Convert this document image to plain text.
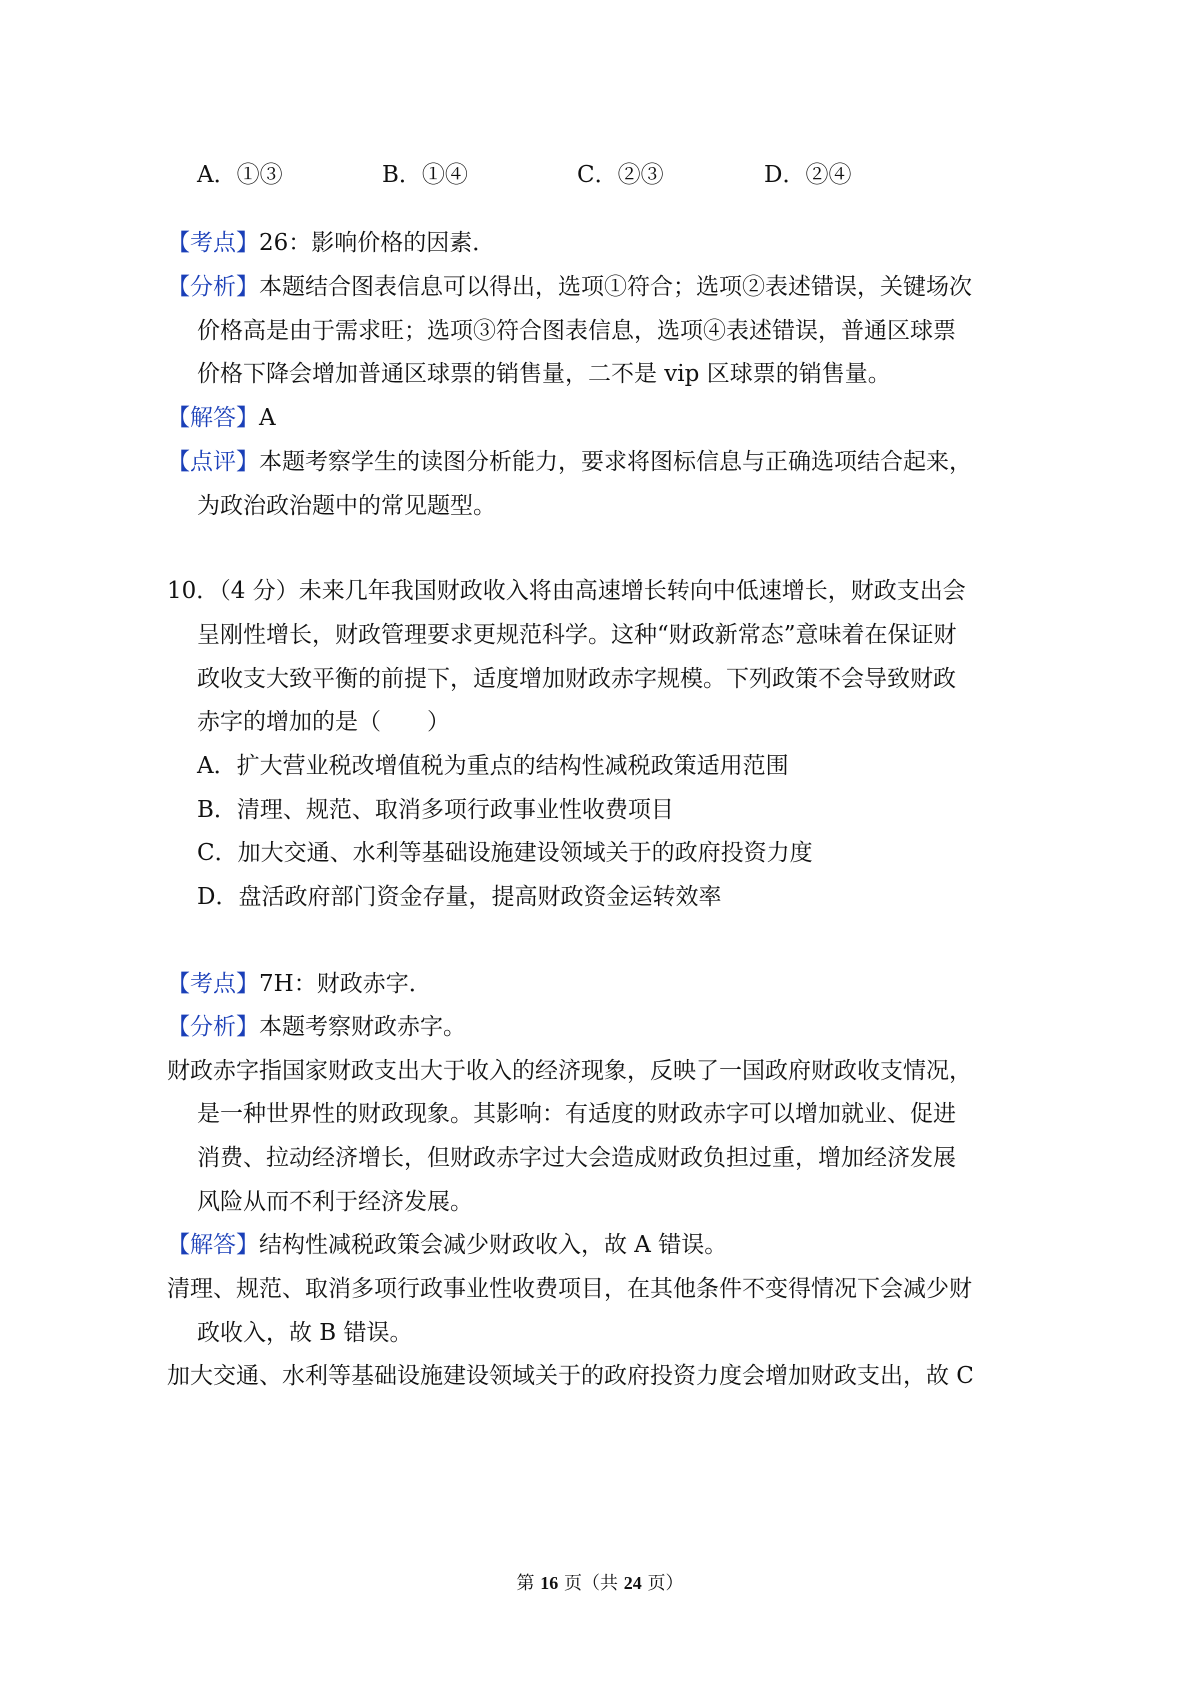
A．①③	B．①④	C．②③	D．②④
【考点】26：影响价格的因素．
【分析】本题结合图表信息可以得出，选项①符合；选项②表述错误，关键场次
价格高是由于需求旺；选项③符合图表信息，选项④表述错误，普通区球票
价格下降会增加普通区球票的销售量，二不是 vip 区球票的销售量。
【解答】A
【点评】本题考察学生的读图分析能力，要求将图标信息与正确选项结合起来，
为政治政治题中的常见题型。
10．（4 分）未来几年我国财政收入将由高速增长转向中低速增长，财政支出会
呈刚性增长，财政管理要求更规范科学。这种“财政新常态”意味着在保证财
政收支大致平衡的前提下，适度增加财政赤字规模。下列政策不会导致财政
赤字的增加的是（　　）
A．扩大营业税改增值税为重点的结构性减税政策适用范围
B．清理、规范、取消多项行政事业性收费项目
C．加大交通、水利等基础设施建设领域关于的政府投资力度
D．盘活政府部门资金存量，提高财政资金运转效率
【考点】7H：财政赤字．
【分析】本题考察财政赤字。
财政赤字指国家财政支出大于收入的经济现象，反映了一国政府财政收支情况，
是一种世界性的财政现象。其影响：有适度的财政赤字可以增加就业、促进
消费、拉动经济增长，但财政赤字过大会造成财政负担过重，增加经济发展
风险从而不利于经济发展。
【解答】结构性减税政策会减少财政收入，故 A 错误。
清理、规范、取消多项行政事业性收费项目，在其他条件不变得情况下会减少财
政收入，故 B 错误。
加大交通、水利等基础设施建设领域关于的政府投资力度会增加财政支出，故 C
第 16 页（共 24 页）
